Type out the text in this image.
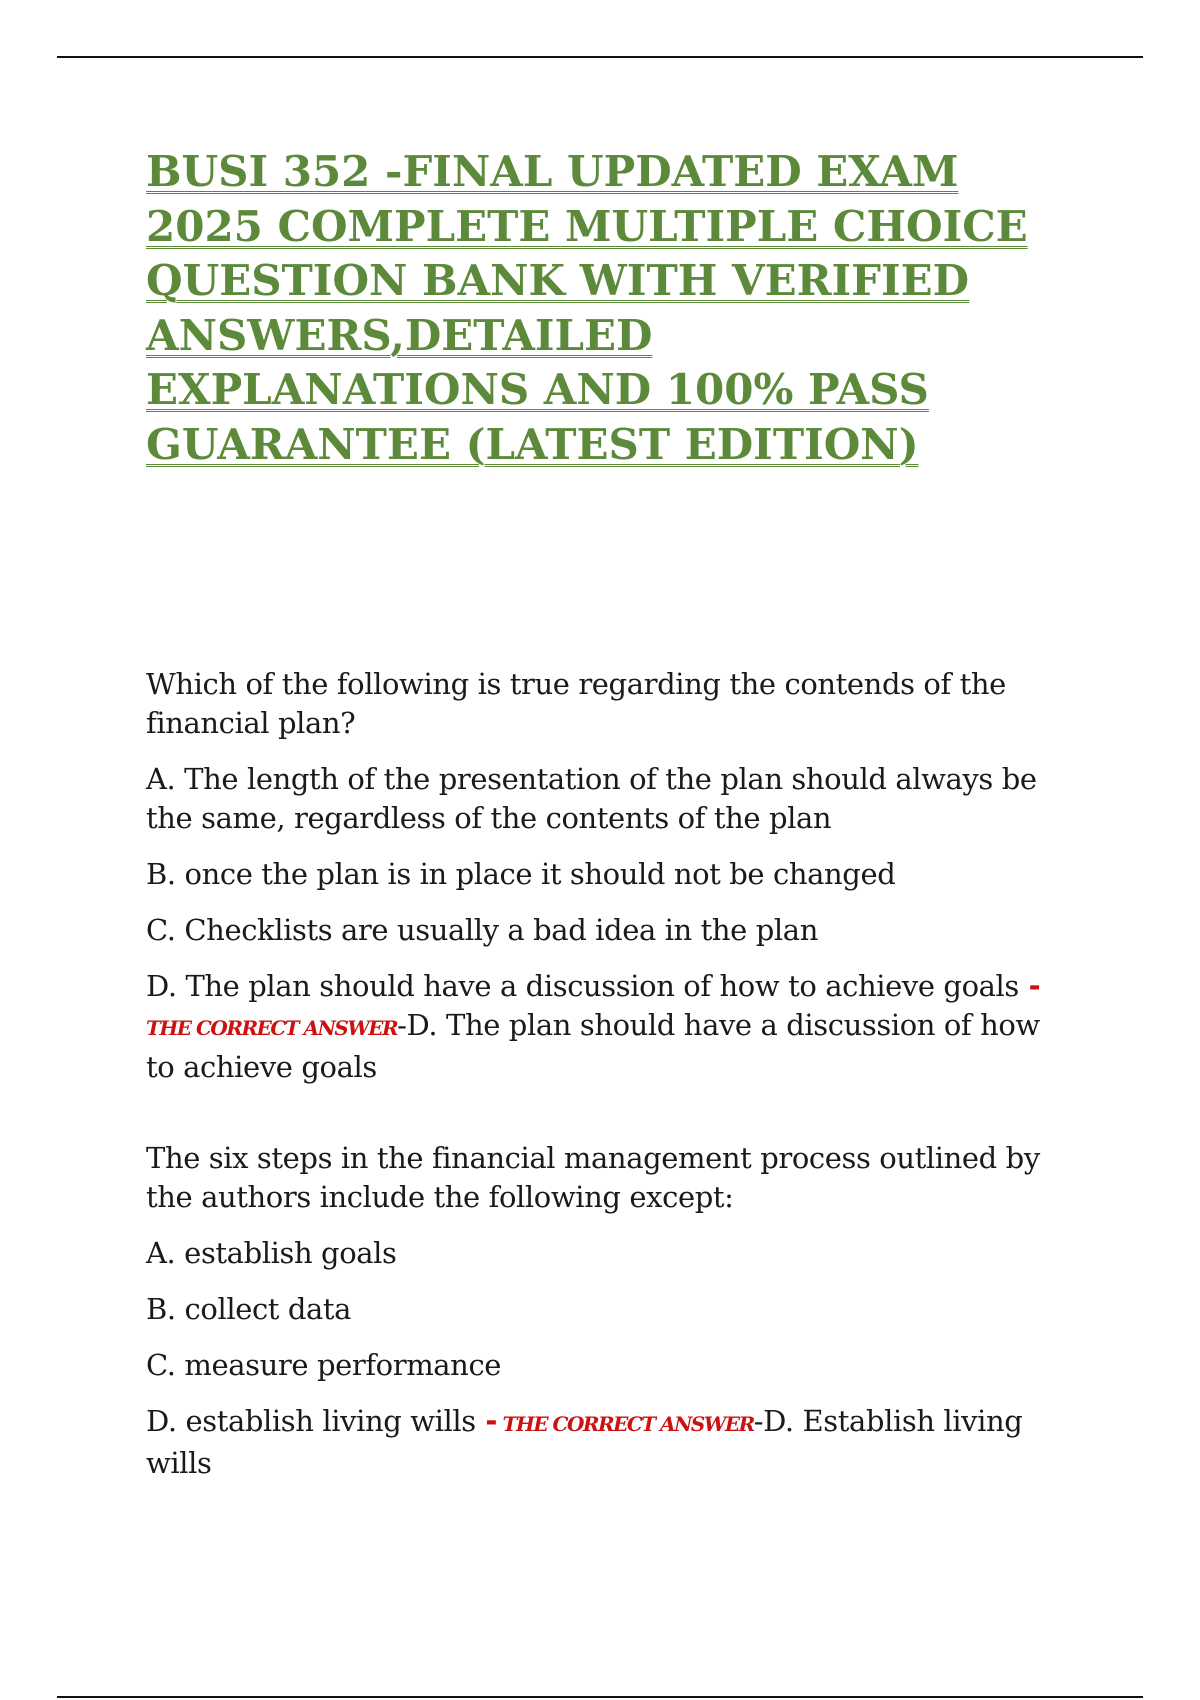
BUSI 352 -FINAL UPDATED EXAM
2025 COMPLETE MULTIPLE CHOICE
QUESTION BANK WITH VERIFIED
ANSWERS,DETAILED
EXPLANATIONS AND 100% PASS
GUARANTEE (LATEST EDITION)

Which of the following is true regarding the contends of the financial plan?

A. The length of the presentation of the plan should always be the same, regardless of the contents of the plan

B. once the plan is in place it should not be changed

C. Checklists are usually a bad idea in the plan

D. The plan should have a discussion of how to achieve goals - THE CORRECT ANSWER-D. The plan should have a discussion of how to achieve goals

The six steps in the financial management process outlined by the authors include the following except:

A. establish goals

B. collect data

C. measure performance

D. establish living wills - THE CORRECT ANSWER-D. Establish living wills
